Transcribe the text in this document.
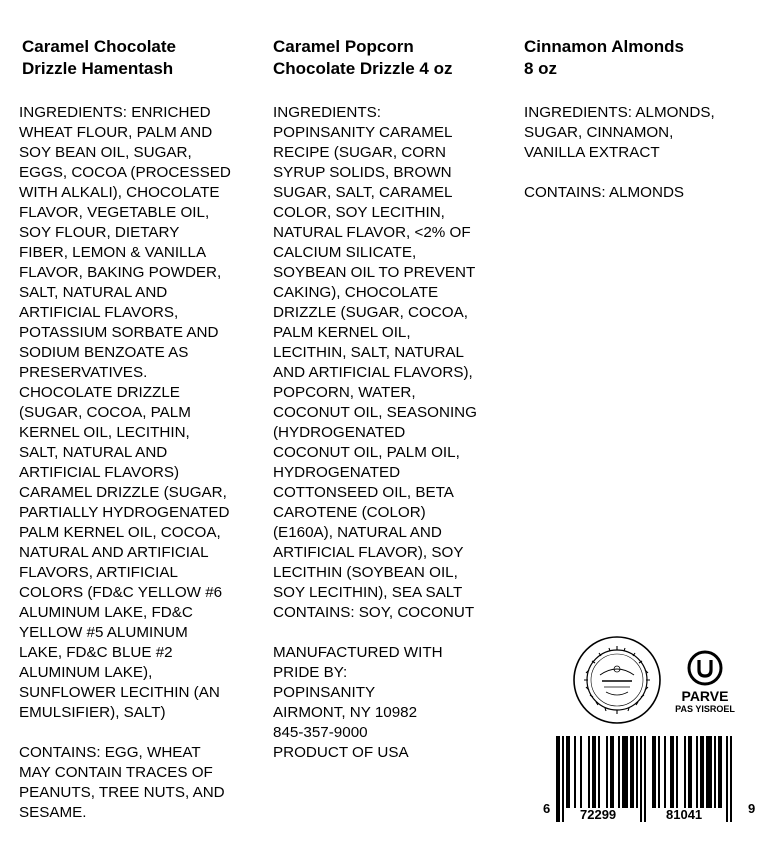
Caramel Chocolate
Drizzle Hamentash

INGREDIENTS: ENRICHED
WHEAT FLOUR, PALM AND
SOY BEAN OIL, SUGAR,
EGGS, COCOA (PROCESSED
WITH ALKALI), CHOCOLATE
FLAVOR, VEGETABLE OIL,
SOY FLOUR, DIETARY
FIBER, LEMON & VANILLA
FLAVOR, BAKING POWDER,
SALT, NATURAL AND
ARTIFICIAL FLAVORS,
POTASSIUM SORBATE AND
SODIUM BENZOATE AS
PRESERVATIVES.
CHOCOLATE DRIZZLE
(SUGAR, COCOA, PALM
KERNEL OIL, LECITHIN,
SALT, NATURAL AND
ARTIFICIAL FLAVORS)
CARAMEL DRIZZLE (SUGAR,
PARTIALLY HYDROGENATED
PALM KERNEL OIL, COCOA,
NATURAL AND ARTIFICIAL
FLAVORS, ARTIFICIAL
COLORS (FD&C YELLOW #6
ALUMINUM LAKE, FD&C
YELLOW #5 ALUMINUM
LAKE, FD&C BLUE #2
ALUMINUM LAKE),
SUNFLOWER LECITHIN (AN
EMULSIFIER), SALT)

CONTAINS: EGG, WHEAT
MAY CONTAIN TRACES OF
PEANUTS, TREE NUTS, AND
SESAME.

Caramel Popcorn
Chocolate Drizzle 4 oz

INGREDIENTS:
POPINSANITY CARAMEL
RECIPE (SUGAR, CORN
SYRUP SOLIDS, BROWN
SUGAR, SALT, CARAMEL
COLOR, SOY LECITHIN,
NATURAL FLAVOR, <2% OF
CALCIUM SILICATE,
SOYBEAN OIL TO PREVENT
CAKING), CHOCOLATE
DRIZZLE (SUGAR, COCOA,
PALM KERNEL OIL,
LECITHIN, SALT, NATURAL
AND ARTIFICIAL FLAVORS),
POPCORN, WATER,
COCONUT OIL, SEASONING
(HYDROGENATED
COCONUT OIL, PALM OIL,
HYDROGENATED
COTTONSEED OIL, BETA
CAROTENE (COLOR)
(E160A), NATURAL AND
ARTIFICIAL FLAVOR), SOY
LECITHIN (SOYBEAN OIL,
SOY LECITHIN), SEA SALT
CONTAINS: SOY, COCONUT

MANUFACTURED WITH
PRIDE BY:
POPINSANITY
AIRMONT, NY 10982
845-357-9000
PRODUCT OF USA

Cinnamon Almonds
8 oz

INGREDIENTS: ALMONDS,
SUGAR, CINNAMON,
VANILLA EXTRACT

CONTAINS: ALMONDS

PARVE
PAS YISROEL
6 72299	81041	9
